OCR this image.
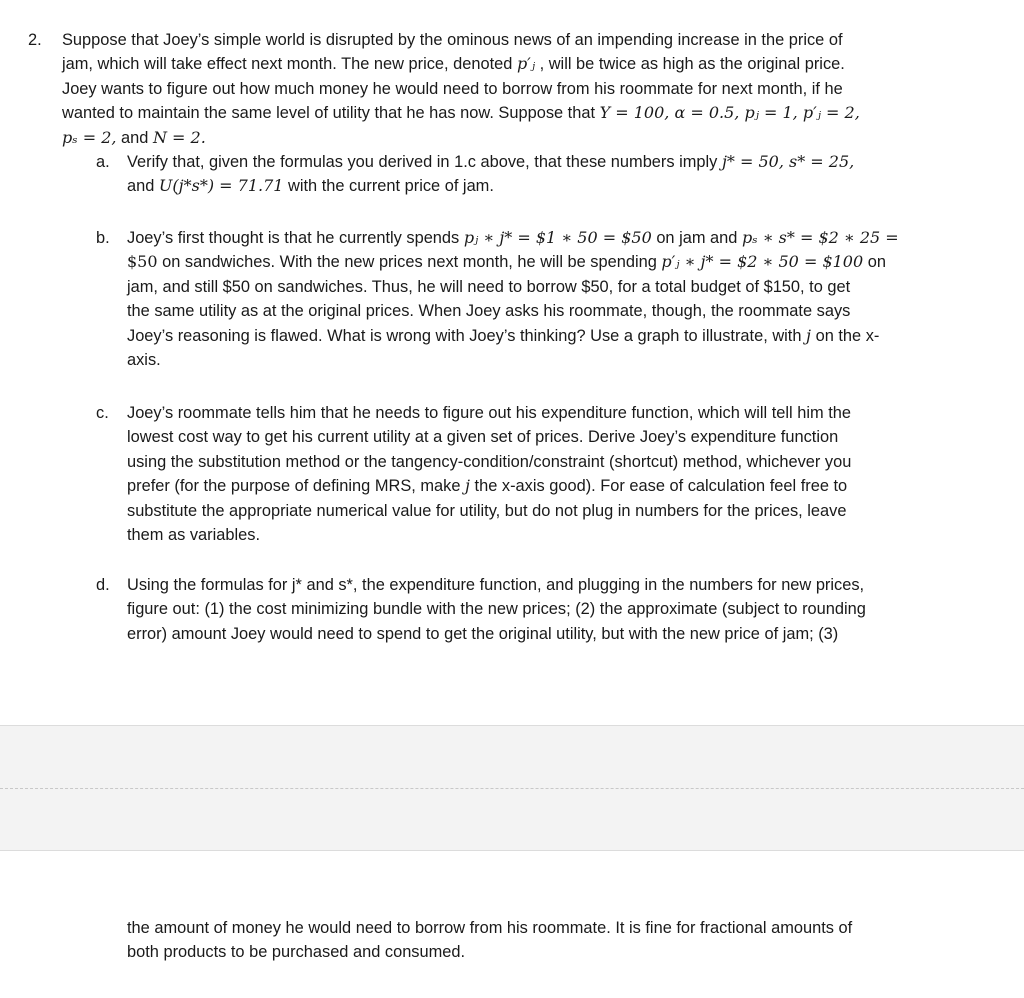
2. Suppose that Joey’s simple world is disrupted by the ominous news of an impending increase in the price of
jam, which will take effect next month. The new price, denoted p′ⱼ , will be twice as high as the original price.
Joey wants to figure out how much money he would need to borrow from his roommate for next month, if he
wanted to maintain the same level of utility that he has now. Suppose that Y = 100, α = 0.5, pⱼ = 1, p′ⱼ = 2,
pₛ = 2, and N = 2.
a. Verify that, given the formulas you derived in 1.c above, that these numbers imply j* = 50, s* = 25,
and U(j*s*) = 71.71 with the current price of jam.
b. Joey’s first thought is that he currently spends pⱼ ∗ j* = $1 ∗ 50 = $50 on jam and pₛ ∗ s* = $2 ∗ 25 =
$50 on sandwiches. With the new prices next month, he will be spending p′ⱼ ∗ j* = $2 ∗ 50 = $100 on
jam, and still $50 on sandwiches. Thus, he will need to borrow $50, for a total budget of $150, to get
the same utility as at the original prices. When Joey asks his roommate, though, the roommate says
Joey’s reasoning is flawed. What is wrong with Joey’s thinking? Use a graph to illustrate, with j on the x-
axis.
c. Joey’s roommate tells him that he needs to figure out his expenditure function, which will tell him the
lowest cost way to get his current utility at a given set of prices. Derive Joey’s expenditure function
using the substitution method or the tangency-condition/constraint (shortcut) method, whichever you
prefer (for the purpose of defining MRS, make j the x-axis good). For ease of calculation feel free to
substitute the appropriate numerical value for utility, but do not plug in numbers for the prices, leave
them as variables.
d. Using the formulas for j* and s*, the expenditure function, and plugging in the numbers for new prices,
figure out: (1) the cost minimizing bundle with the new prices; (2) the approximate (subject to rounding
error) amount Joey would need to spend to get the original utility, but with the new price of jam; (3)
the amount of money he would need to borrow from his roommate. It is fine for fractional amounts of
both products to be purchased and consumed.
